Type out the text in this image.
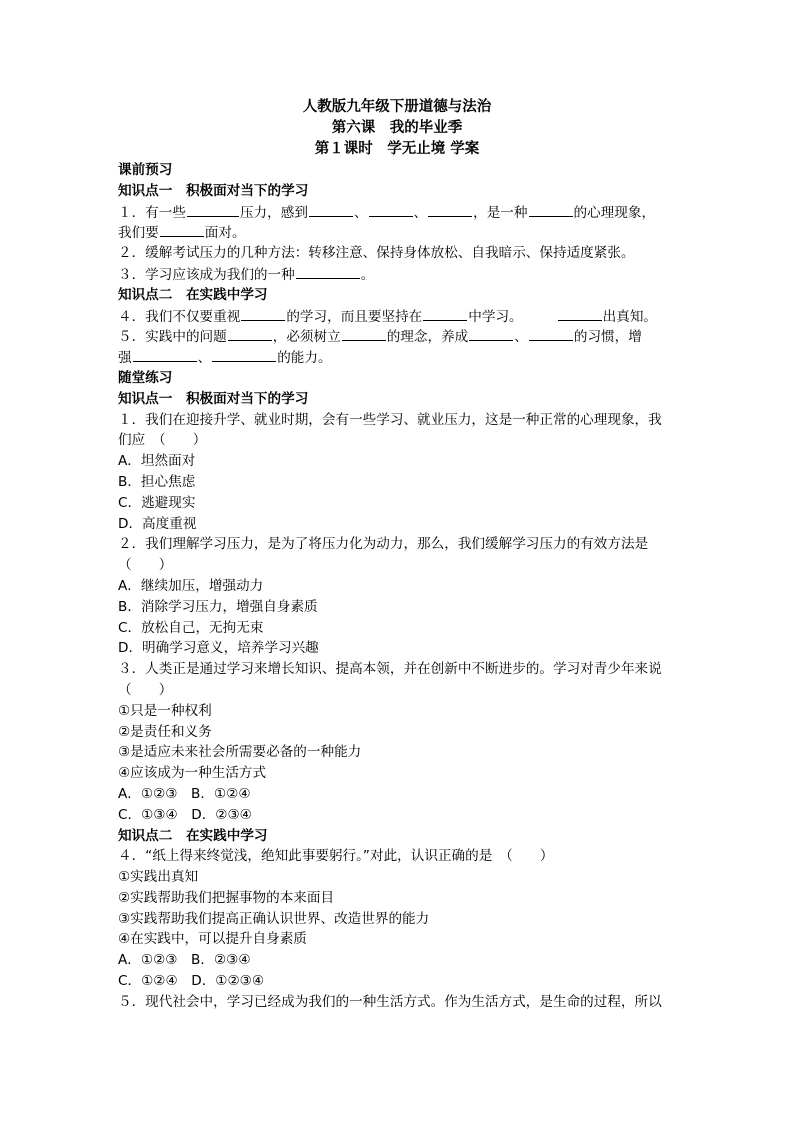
人教版九年级下册道德与法治
第六课　我的毕业季
第１课时　学无止境 学案
课前预习
知识点一　积极面对当下的学习
１．有一些	压力，感到	、	、	，是一种	的心理现象，
我们要	面对。
２．缓解考试压力的几种方法：转移注意、保持身体放松、自我暗示、保持适度紧张。
３．学习应该成为我们的一种	。
知识点二　在实践中学习
４．我们不仅要重视	的学习，而且要坚持在	中学习。	出真知。
５．实践中的问题	，必须树立	的理念，养成	、	的习惯，增
强	、	的能力。
随堂练习
知识点一　积极面对当下的学习
１．我们在迎接升学、就业时期，会有一些学习、就业压力，这是一种正常的心理现象，我
们应　（　　）
A．坦然面对
B．担心焦虑
C．逃避现实
D．高度重视
２．我们理解学习压力，是为了将压力化为动力，那么，我们缓解学习压力的有效方法是
（　　）
A．继续加压，增强动力
B．消除学习压力，增强自身素质
C．放松自己，无拘无束
D．明确学习意义，培养学习兴趣
３．人类正是通过学习来增长知识、提高本领，并在创新中不断进步的。学习对青少年来说
（　　）
①只是一种权利
②是责任和义务
③是适应未来社会所需要必备的一种能力
④应该成为一种生活方式
A．①②③　B．①②④
C．①③④　D．②③④
知识点二　在实践中学习
４．“纸上得来终觉浅，绝知此事要躬行。”对此，认识正确的是　（　　）
①实践出真知
②实践帮助我们把握事物的本来面目
③实践帮助我们提高正确认识世界、改造世界的能力
④在实践中，可以提升自身素质
A．①②③　B．②③④
C．①②④　D．①②③④
５．现代社会中，学习已经成为我们的一种生活方式。作为生活方式，是生命的过程，所以
